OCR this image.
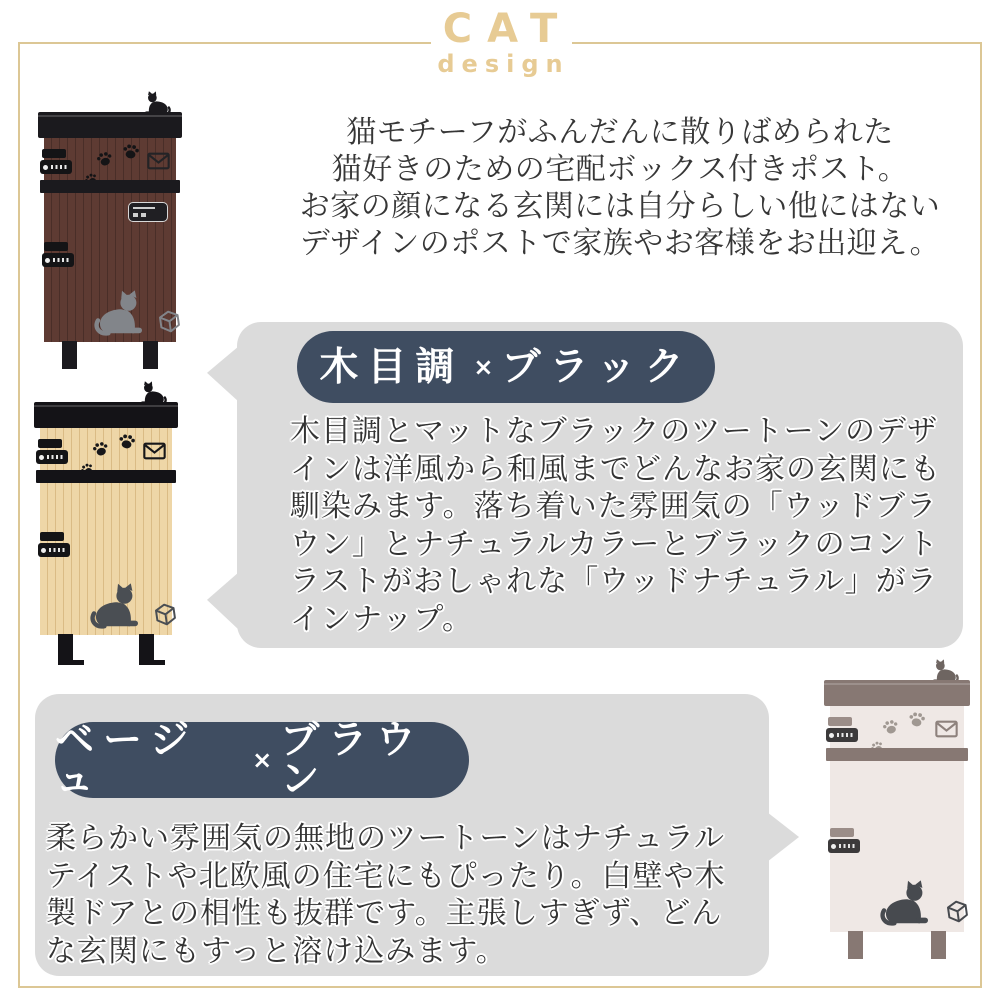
CAT
design
猫モチーフがふんだんに散りばめられた
猫好きのための宅配ボックス付きポスト。
お家の顔になる玄関には自分らしい他にはない
デザインのポストで家族やお客様をお出迎え。
木目調 × ブラック
木目調とマットなブラックのツートーンのデザ
インは洋風から和風までどんなお家の玄関にも
馴染みます。落ち着いた雰囲気の「ウッドブラ
ウン」とナチュラルカラーとブラックのコント
ラストがおしゃれな「ウッドナチュラル」がラ
インナップ。
ベージュ	× ブラウン
柔らかい雰囲気の無地のツートーンはナチュラル
テイストや北欧風の住宅にもぴったり。白壁や木
製ドアとの相性も抜群です。主張しすぎず、どん
な玄関にもすっと溶け込みます。
